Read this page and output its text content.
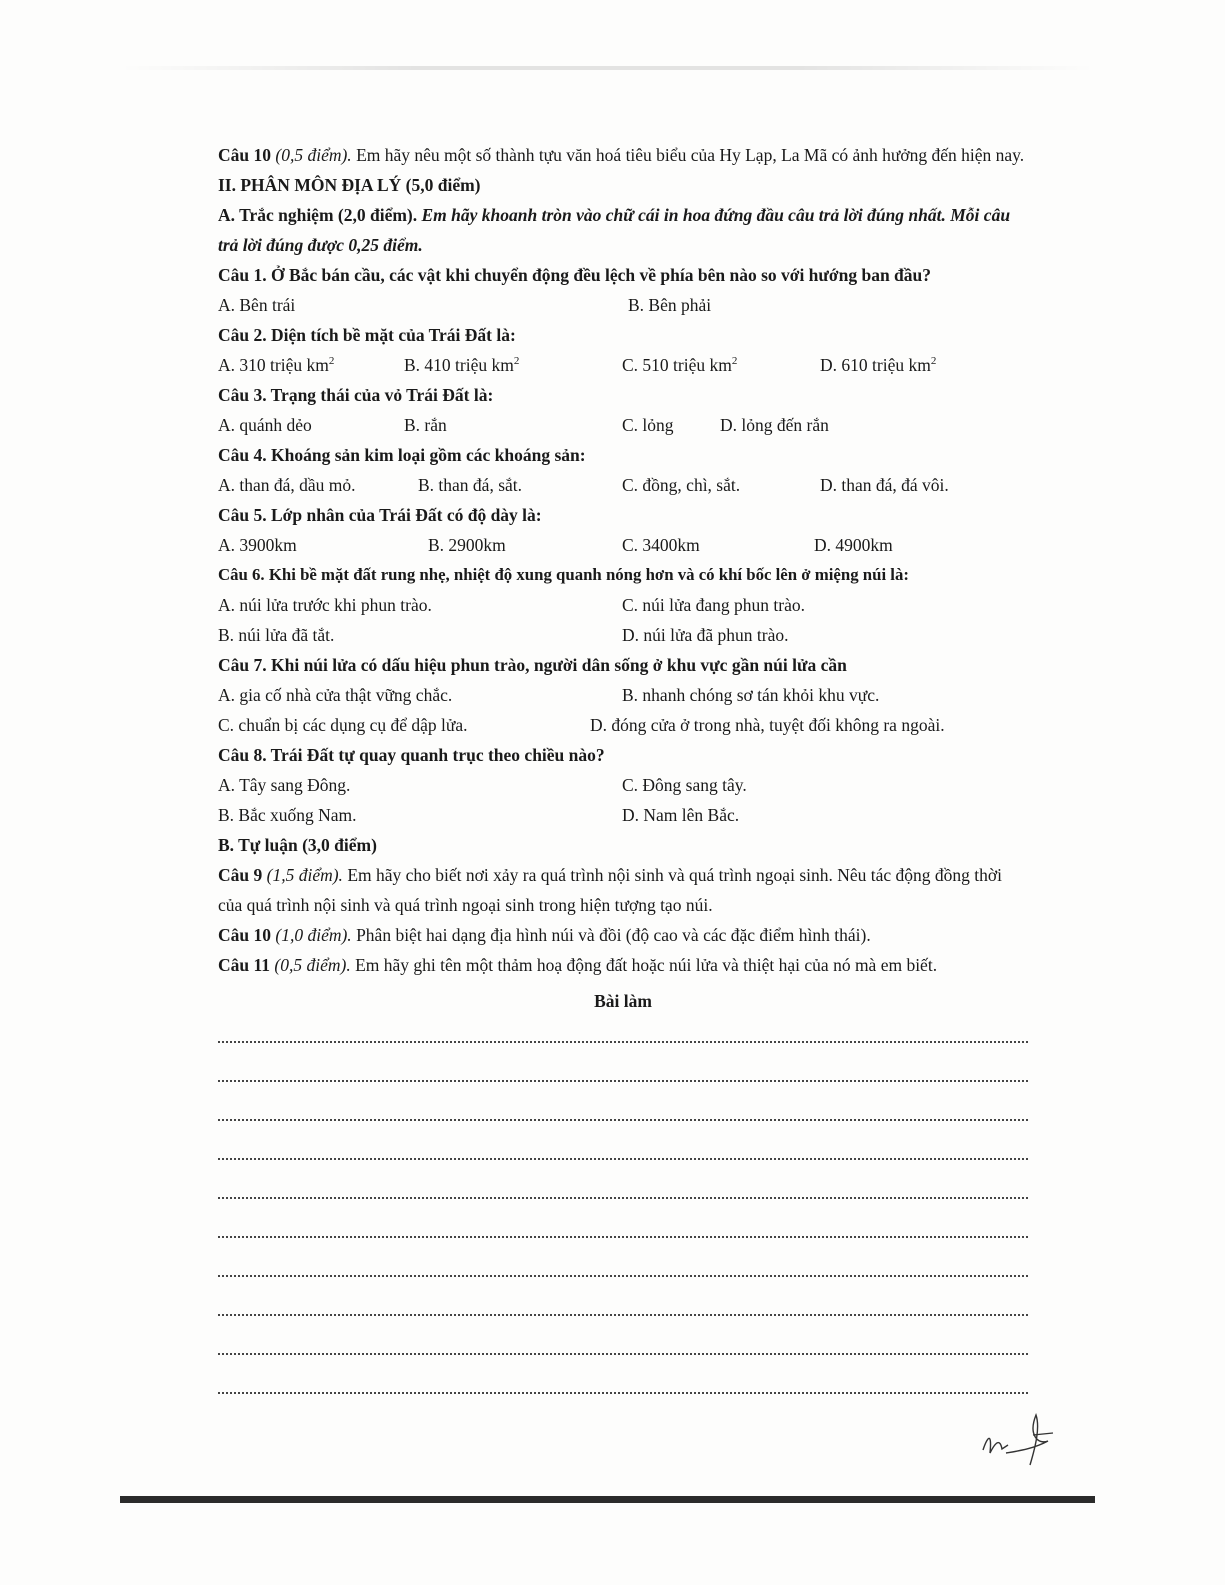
Câu 10 (0,5 điểm). Em hãy nêu một số thành tựu văn hoá tiêu biểu của Hy Lạp, La Mã có ảnh hưởng đến hiện nay.
II. PHÂN MÔN ĐỊA LÝ (5,0 điểm)
A. Trắc nghiệm (2,0 điểm). Em hãy khoanh tròn vào chữ cái in hoa đứng đầu câu trả lời đúng nhất. Mỗi câu trả lời đúng được 0,25 điểm.
Câu 1. Ở Bắc bán cầu, các vật khi chuyển động đều lệch về phía bên nào so với hướng ban đầu?
A. Bên trái	B. Bên phải
Câu 2. Diện tích bề mặt của Trái Đất là:
A. 310 triệu $km^2$	B. 410 triệu $km^2$	C. 510 triệu $km^2$	D. 610 triệu $km^2$
Câu 3. Trạng thái của vỏ Trái Đất là:
A. quánh dẻo	B. rắn	C. lỏng	D. lỏng đến rắn
Câu 4. Khoáng sản kim loại gồm các khoáng sản:
A. than đá, dầu mỏ.	B. than đá, sắt.	C. đồng, chì, sắt.	D. than đá, đá vôi.
Câu 5. Lớp nhân của Trái Đất có độ dày là:
A. 3900km	B. 2900km	C. 3400km	D. 4900km
Câu 6. Khi bề mặt đất rung nhẹ, nhiệt độ xung quanh nóng hơn và có khí bốc lên ở miệng núi là:
A. núi lửa trước khi phun trào.	C. núi lửa đang phun trào.
B. núi lửa đã tắt.	D. núi lửa đã phun trào.
Câu 7. Khi núi lửa có dấu hiệu phun trào, người dân sống ở khu vực gần núi lửa cần
A. gia cố nhà cửa thật vững chắc.	B. nhanh chóng sơ tán khỏi khu vực.
C. chuẩn bị các dụng cụ để dập lửa.	D. đóng cửa ở trong nhà, tuyệt đối không ra ngoài.
Câu 8. Trái Đất tự quay quanh trục theo chiều nào?
A. Tây sang Đông.	C. Đông sang tây.
B. Bắc xuống Nam.	D. Nam lên Bắc.
B. Tự luận (3,0 điểm)
Câu 9 (1,5 điểm). Em hãy cho biết nơi xảy ra quá trình nội sinh và quá trình ngoại sinh. Nêu tác động đồng thời của quá trình nội sinh và quá trình ngoại sinh trong hiện tượng tạo núi.
Câu 10 (1,0 điểm). Phân biệt hai dạng địa hình núi và đồi (độ cao và các đặc điểm hình thái).
Câu 11 (0,5 điểm). Em hãy ghi tên một thảm hoạ động đất hoặc núi lửa và thiệt hại của nó mà em biết.
Bài làm
